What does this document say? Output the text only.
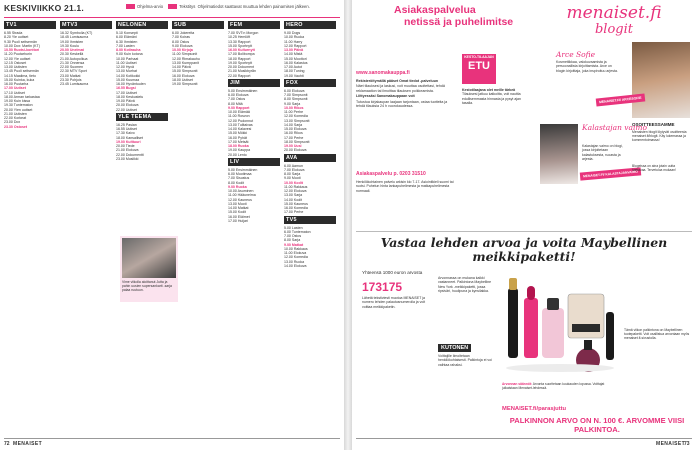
KESKIVIIKKO 21.1.	Ohjelma-arvio	Tekstitys Ohjelmatiedot saattavat muuttua lehden painamisen jälkeen.
TV1
6.55 Strada
8.20 Yle uutiset
9.30 Puoli seitsemän
10.00 Dox: Martin (KT)
10.50 Ruotsi-konttori
11.20 Puutarhurin
12.00 Yle uutiset
12.15 Ostoset
13.00 Uutisten
13.45 Puoli seitsemän
14.15 Maailma, tieto
15.00 Kuinka, kuka
16.00 Puutarha
17.00 Uutiset
17.10 Uutiset
18.00 Arman tarkastaa
19.00 Kuin kissa
19.30 Tuntematon
20.00 Ylen uutiset
21.00 Uutisten
22.00 Korkeat
23.00 Dox
23.30 Ostoset
MTV3
16.32 Symbolia (KT)
18.45 Lumisauma
19.00 Ihmisten
19.30 Koulu
20.00 Unelmat
20.30 Keskellä
21.00 Autopolkua
21.30 Onnensa
22.00 Suomen
22.30 MTV Sport
23.00 Matkat
23.30 Pohjois
23.45 Lumisauma
NELONEN
5.10 Konsepti
6.00 Elämäni
6.30 Ihmisten
7.00 Lasten
8.00 Kotirauha
9.00 Kuin kotona
10.00 Parhaat
11.00 Uutiset
12.00 Hyvä
13.00 Murhat
14.00 Kotikokki
15.00 Kuumaa
16.00 Hyväntuulen
16.55 Bugsi
17.00 Uutiset
18.00 Keskustelu
19.00 Päivä
20.00 Elokuva
22.00 Uutiset
YLE TEEMA
16.25 Pasian
16.55 Uutiset
17.30 Kaivo
18.00 Kansalliset
19.00 Kulttuuri
20.00 Tiede
21.00 Elokuva
22.00 Dokumentti
23.00 Musiikki
SUB
6.00 Jokereita
7.00 Koiras
8.00 Ostos
9.00 Elokuva
10.00 Kirjoja
11.00 Simpsonit
12.00 Rimakauhu
13.00 Kumppanit
14.00 Päivä
15.00 Simpsonit
16.00 Elokuva
18.00 Uutiset
19.00 Simpsonit
FEM
7.00 SVT:n Morgon
10.25 Hemlöft
13.30 Rapport
15.00 Sportnytt
16.00 Kulturnytt
17.00 Bolibompa
18.00 Rapport
19.00 Sportnytt
20.00 Dokument
21.00 Musikbyrån
22.00 Rapport
JIM
5.00 Ensimmäinen
6.00 Elokuva
7.00 Ostos
8.00 Mitä
9.00 Rapport
10.00 Elämää
11.00 Rosvon
12.00 Pudonnut
13.00 Tulitaivas
14.00 Kalavesi
15.00 Mökki
16.00 Pyhät
17.00 Metsät
18.00 Ruoka
19.00 Kauppa
20.00 Lento
LIV
5.00 Ensimmäinen
6.00 Muotimaa
7.00 Sisustus
8.00 Kodit
9.00 Ruoka
10.00 Asuminen
11.00 Hääunelma
12.00 Kauneus
13.00 Muoti
14.00 Matkat
15.00 Kodit
16.00 Eläimet
17.00 Huijari
HERO
9.00 Dogs
10.00 Ruoka
11.00 Harry
12.00 Rapport
13.00 Päivä
14.00 Mistä
15.00 Moottori
16.00 Kalastus
17.00 Autot
18.00 Tuning
19.00 Vauhti
FOX
6.00 Elokuva
7.00 Simpsonit
8.00 Simpsonit
9.00 Sarja
10.00 Rikos
11.00 Perhe
12.00 Komedia
13.00 Simpsonit
14.00 Sarja
15.00 Elokuva
16.00 Rikos
17.00 Perhe
18.00 Simpsonit
19.00 Uusi
20.00 Elokuva
AVA
6.00 Aamun
7.00 Elokuva
8.00 Sarja
9.00 Muoti
10.00 Kodit
11.00 Rakkaus
12.00 Elokuva
13.00 Sarja
14.00 Kodit
15.00 Kauneus
16.00 Komedia
17.00 Perhe
TV5
5.00 Lasten
6.00 Tuntematon
7.00 Ostos
8.00 Sarja
9.00 Matkat
10.00 Rakkaus
11.00 Elokuva
12.00 Komedia
13.00 Ruoka
14.00 Elokuva
Vime viikolla aloittanut Jutta ja pahin uusien supersankarit -sarja palaa ruutuun.
72 MENAISET
Asiakaspalvelua
netissä ja puhelimitse
www.sanomakauppa.fi
Rekisteröitymällä pääset Omat tiedot -palveluun
Näet tilauksesi ja laskusi, voit muuttaa osoitettasi, tehdä reklamaation tai ilmoittaa tilauksen poikkeamista.
Liittyessäsi Sanomakauppaan voit
Tutustua kirjakaupan laajaan tarjontaan, ostaa tuotteita ja tehdä tilauksia 24 h vuorokaudessa.
Asiakaspalvelu p. 0203 31510
Henkilökohtainen palvelu arkisin klo 7-17. Asiointikieli suomi tai ruotsi. Puhelun hinta lankapuhelimesta ja matkapuhelimesta normaali.
KESTO-TILAAJAN
ETU
Kestotilaajana olet meille tärkeä
Tilauksesi jatkuu katkoitta, voit nauttia edullisemmasta hinnasta ja pysyt ajan tasalla.
menaiset.fi
blogit
Arce Sofie
Kosmetiikkaa, valokuvaamista ja persoonallista kirjoittamista. Arce on blogin kirjoittaja, joka inspiroituu arjesta.
MENAISET.FI/ ARCESOFIE
OSOITTEESSAMME
Menaisten blogit löytyvät osoitteesta menaiset.fi/blogit. Käy lukemassa ja kommentoimassa!
Kalastajan vaimo
Kalastajan vaimo on blogi, jossa kirjoitetaan kalastuksesta, ruoasta ja arjesta.
MENAISET.FI/ KALASTAJANVAIMO
Blogeissa on aina jotain uutta luettavaa. Tervetuloa mukaan!
Vastaa lehden arvoa ja voita Maybellinen meikkipaketti!
Yhteensä 1000 euron arvosta
173175
Lähetä tekstiviesti muotoa MENAISET ja numero lehden palautusnumerolla ja voit voittaa meikkipaketin.
Arvonnassa on mukana kaikki vastanneet. Palkintona Maybelline New York -meikkipaketti, jossa ripsiväri, huulipuna ja kynsilakka.
KUTONEN
Voittajille ilmoitetaan henkilökohtaisesti. Palkintoja ei voi vaihtaa rahaksi.
Arvonnan säännöt: Arvonta suoritetaan kuukauden lopussa. Voittajat julkaistaan Menaiset-lehdessä.
MENAISET.fi/parasjuttu
PALKINNON ARVO ON N. 100 €. ARVOMME VIISI PALKINTOA.
Tämä viikon palkintona on Maybellinen tuotepaketti. Voit osallistua arvontaan myös menaiset.fi-sivustolla.
MENAISET
73
